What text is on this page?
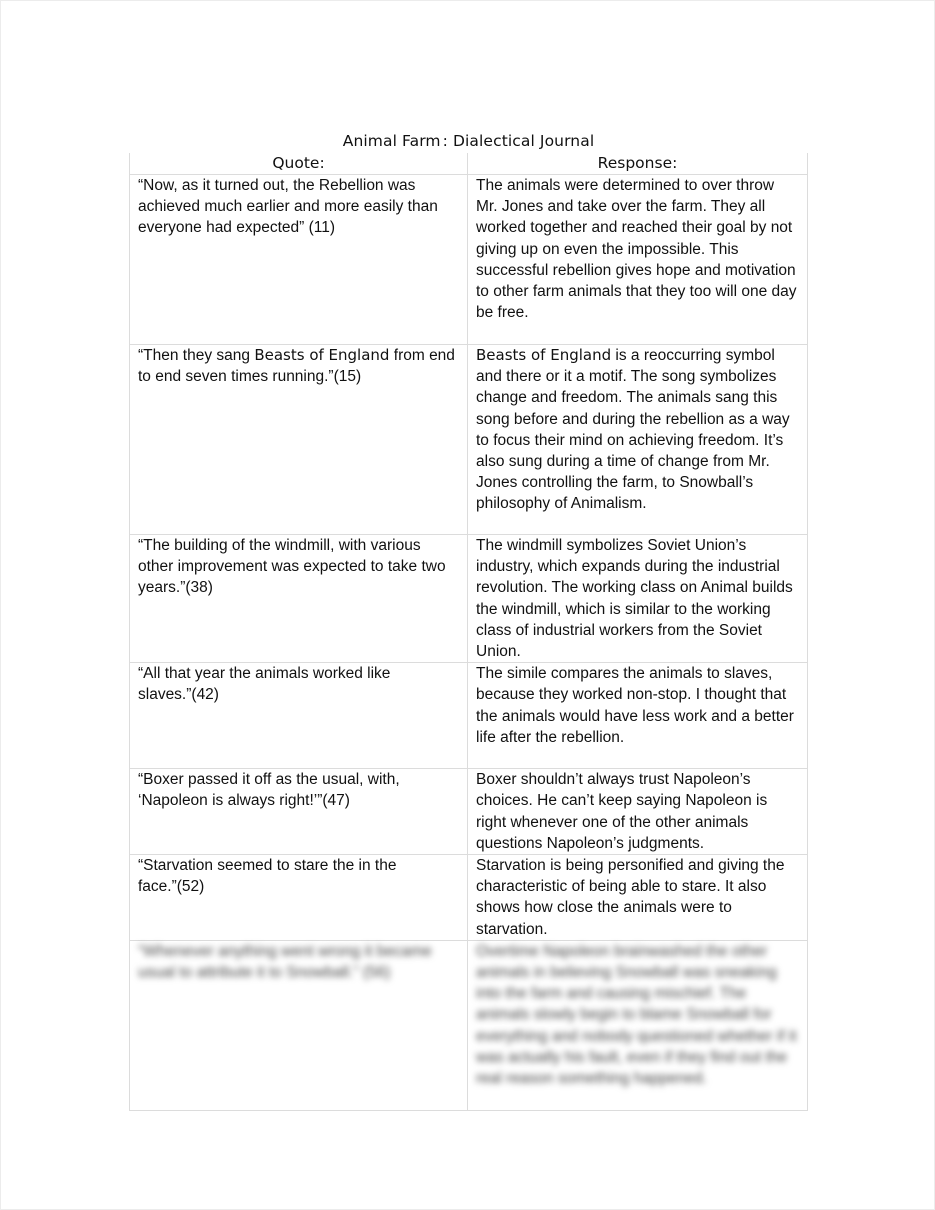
Animal Farm : Dialectical Journal
Quote:	Response:
“Now, as it turned out, the Rebellion was achieved much earlier and more easily than everyone had expected” (11)	The animals were determined to over throw Mr. Jones and take over the farm. They all worked together and reached their goal by not giving up on even the impossible. This successful rebellion gives hope and motivation to other farm animals that they too will one day be free.
“Then they sang Beasts of England from end to end seven times running.”(15)	Beasts of England is a reoccurring symbol and there or it a motif. The song symbolizes change and freedom. The animals sang this song before and during the rebellion as a way to focus their mind on achieving freedom. It’s also sung during a time of change from Mr. Jones controlling the farm, to Snowball’s philosophy of Animalism.
“The building of the windmill, with various other improvement was expected to take two years.”(38)	The windmill symbolizes Soviet Union’s industry, which expands during the industrial revolution. The working class on Animal builds the windmill, which is similar to the working class of industrial workers from the Soviet Union.
“All that year the animals worked like slaves.”(42)	The simile compares the animals to slaves, because they worked non-stop. I thought that the animals would have less work and a better life after the rebellion.
“Boxer passed it off as the usual, with, ‘Napoleon is always right!’”(47)	Boxer shouldn’t always trust Napoleon’s choices. He can’t keep saying Napoleon is right whenever one of the other animals questions Napoleon’s judgments.
“Starvation seemed to stare the in the face.”(52)	Starvation is being personified and giving the characteristic of being able to stare. It also shows how close the animals were to starvation.

“Whenever anything went wrong it became usual to attribute it to Snowball.” (56)	Overtime Napoleon brainwashed the other animals in believing Snowball was sneaking into the farm and causing mischief. The animals slowly begin to blame Snowball for everything and nobody questioned whether if it was actually his fault, even if they find out the real reason something happened.
